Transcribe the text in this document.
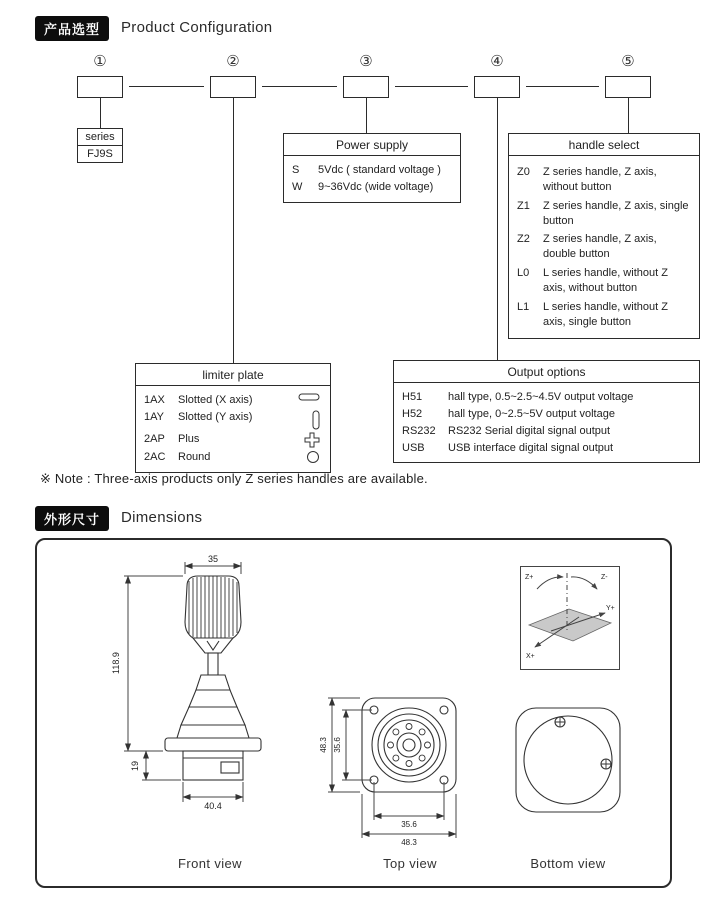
产品选型	Product Configuration
①	②	③	④	⑤
series
FJ9S
Power supply
S	5Vdc ( standard voltage )
W	9~36Vdc (wide voltage)
handle select
Z0	Z series handle, Z axis, without button
Z1	Z series handle, Z axis, single button
Z2	Z series handle, Z axis, double button
L0	L series handle, without Z axis, without button
L1	L series handle, without Z axis, single button
limiter plate
1AX	Slotted (X axis)
1AY	Slotted (Y axis)
2AP	Plus
2AC	Round
Output options
H51	hall type, 0.5~2.5~4.5V output voltage
H52	hall type, 0~2.5~5V output voltage
RS232	RS232 Serial digital signal output
USB	USB interface digital signal output
※ Note : Three-axis products only Z series handles are available.
外形尺寸	Dimensions
35
118.9
19
40.4
48.3 35.6
35.6
48.3
Z+	Z-
Y+
X+
Front view	Top view	Bottom view
